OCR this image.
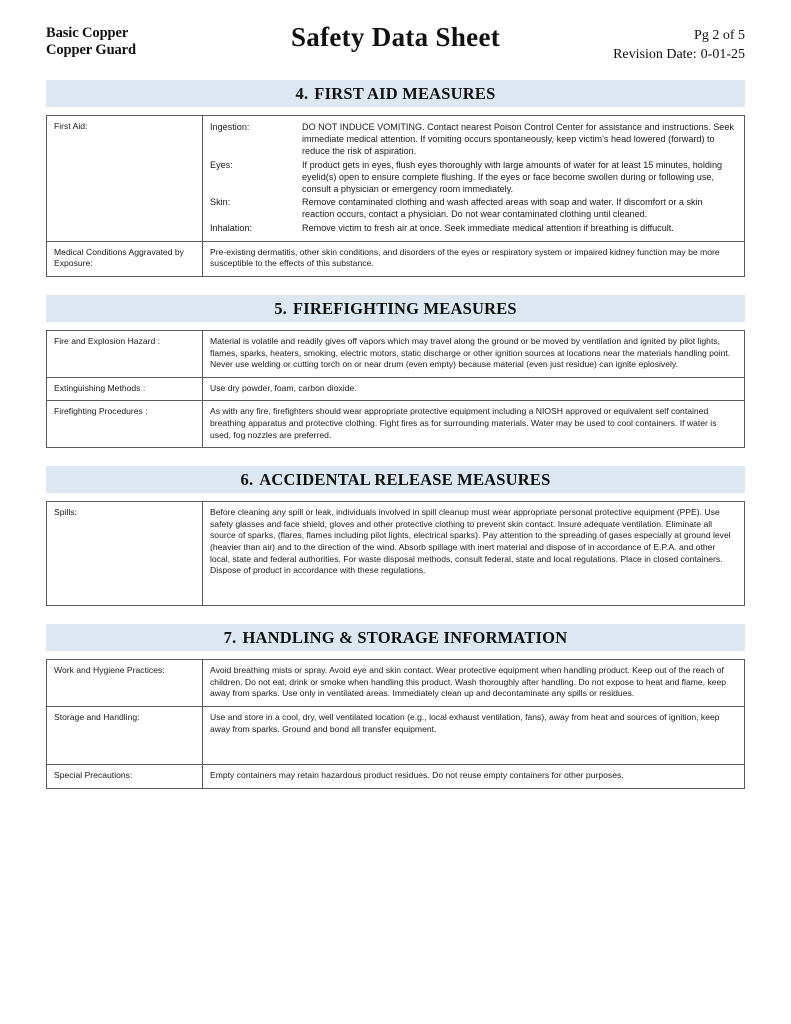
Basic Copper
Copper Guard	Safety Data Sheet	Pg 2 of 5
Revision Date: 0-01-25
4. FIRST AID MEASURES
First Aid:	Ingestion:	DO NOT INDUCE VOMITING. Contact nearest Poison Control Center for assistance and instructions. Seek immediate medical attention. If vomiting occurs spontaneously, keep victim’s head lowered (forward) to reduce the risk of aspiration.
Eyes:	If product gets in eyes, flush eyes thoroughly with large amounts of water for at least 15 minutes, holding eyelid(s) open to ensure complete flushing. If the eyes or face become swollen during or following use, consult a physician or emergency room immediately.
Skin:	Remove contaminated clothing and wash affected areas with soap and water. If discomfort or a skin reaction occurs, contact a physician. Do not wear contaminated clothing until cleaned.
Inhalation:	Remove victim to fresh air at once. Seek immediate medical attention if breathing is diffucult.

Medical Conditions Aggravated by Exposure:	Pre-existing dermatitis, other skin conditions, and disorders of the eyes or respiratory system or impaired kidney function may be more susceptible to the effects of this substance.
5. FIREFIGHTING MEASURES
Fire and Explosion Hazard :	Material is volatile and readily gives off vapors which may travel along the ground or be moved by ventilation and ignited by pilot lights, flames, sparks, heaters, smoking, electric motors, static discharge or other ignition sources at locations near the materials handling point. Never use welding or cutting torch on or near drum (even empty) because material (even just residue) can ignite eplosively.
Extinguishing Methods :	Use dry powder, foam, carbon dioxide.
Firefighting Procedures :	As with any fire, firefighters should wear appropriate protective equipment including a NIOSH approved or equivalent self contained breathing apparatus and protective clothing. Fight fires as for surrounding materials. Water may be used to cool containers. If water is used, fog nozzles are preferred.
6. ACCIDENTAL RELEASE MEASURES
Spills:	Before cleaning any spill or leak, individuals involved in spill cleanup must wear appropriate personal protective equipment (PPE). Use safety glasses and face shield, gloves and other protective clothing to prevent skin contact. Insure adequate ventilation. Eliminate all source of sparks, (flares, flames including pilot lights, electrical sparks). Pay attention to the spreading of gases especially at ground level (heavier than air) and to the direction of the wind. Absorb spillage with inert material and dispose of in accordance of E.P.A. and other local, state and federal authorities. For waste disposal methods, consult federal, state and local regulations. Place in closed containers. Dispose of product in accordance with these regulations.
7. HANDLING & STORAGE INFORMATION
Work and Hygiene Practices:	Avoid breathing mists or spray. Avoid eye and skin contact. Wear protective equipment when handling product. Keep out of the reach of children. Do not eat, drink or smoke when handling this product. Wash thoroughly after handling. Do not expose to heat and flame, keep away from sparks. Use only in ventilated areas. Immediately clean up and decontaminate any spills or residues.
Storage and Handling:	Use and store in a cool, dry, well ventilated location (e.g., local exhaust ventilation, fans), away from heat and sources of ignition, keep away from sparks. Ground and bond all transfer equipment.
Special Precautions:	Empty containers may retain hazardous product residues. Do not reuse empty containers for other purposes.
